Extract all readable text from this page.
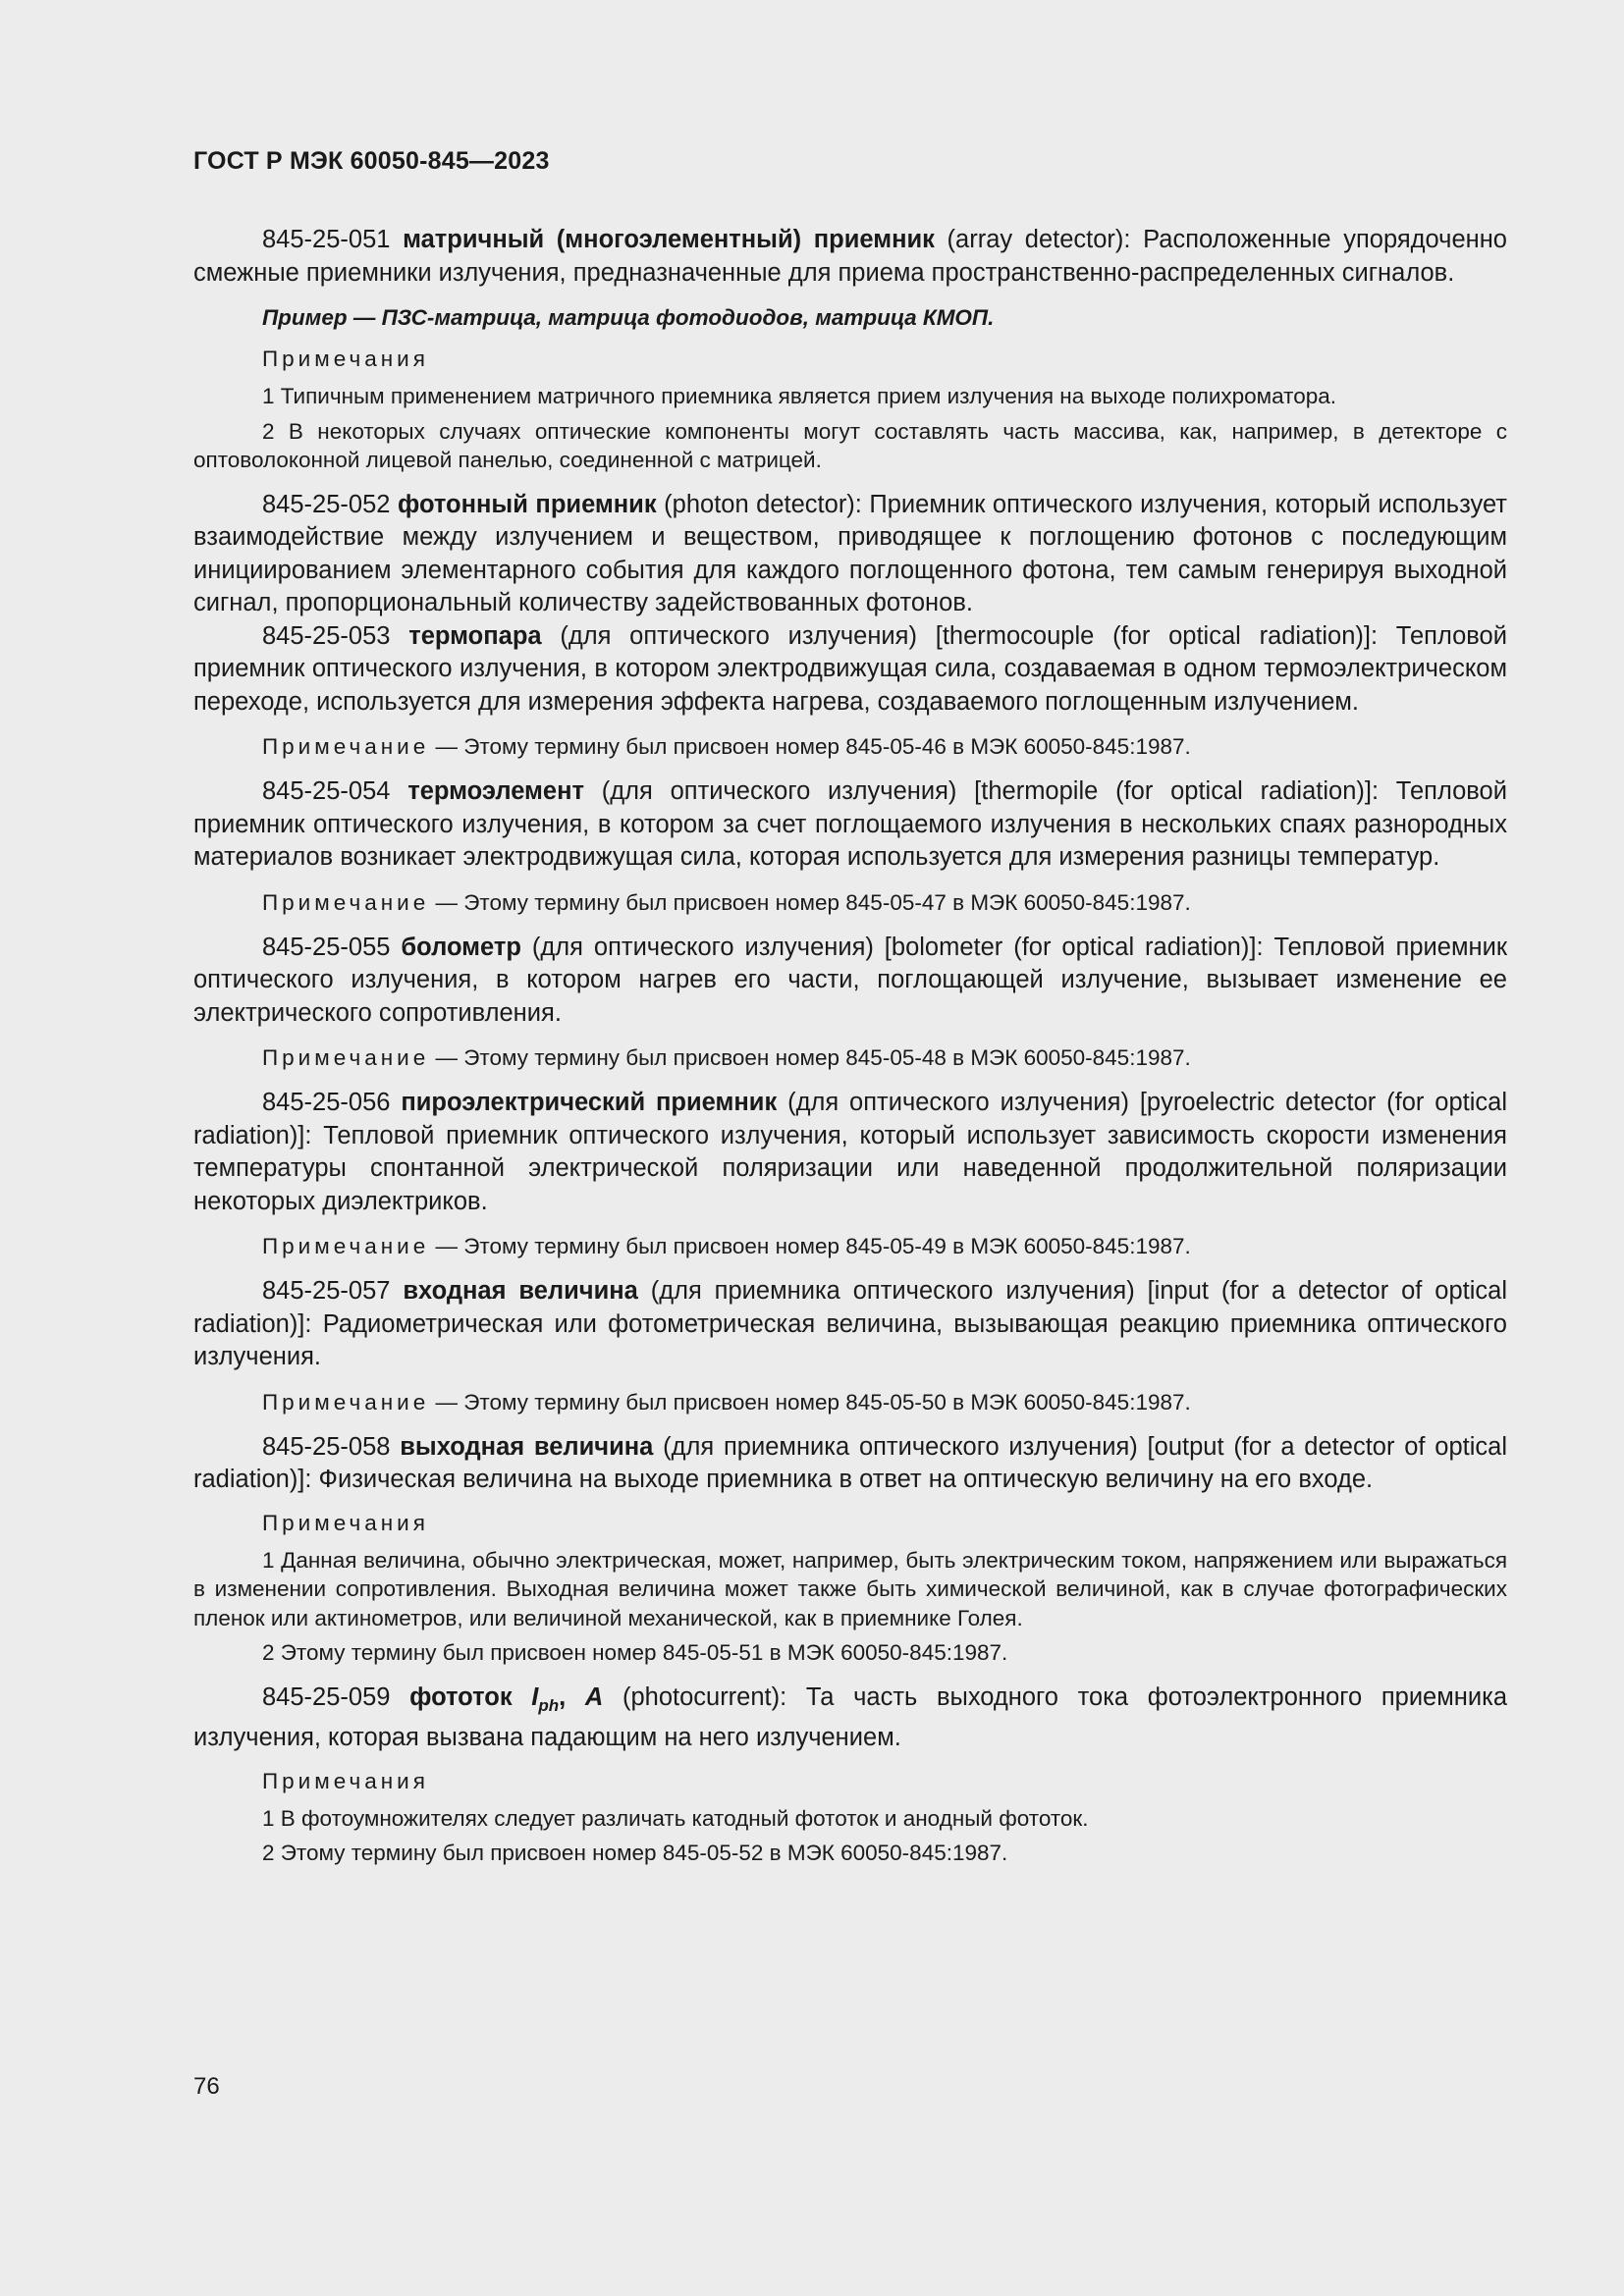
ГОСТ Р МЭК 60050-845—2023

845-25-051 матричный (многоэлементный) приемник (array detector): Расположенные упорядоченно смежные приемники излучения, предназначенные для приема пространственно-распределенных сигналов.

Пример — ПЗС-матрица, матрица фотодиодов, матрица КМОП.

Примечания

1 Типичным применением матричного приемника является прием излучения на выходе полихроматора.

2 В некоторых случаях оптические компоненты могут составлять часть массива, как, например, в детекторе с оптоволоконной лицевой панелью, соединенной с матрицей.

845-25-052 фотонный приемник (photon detector): Приемник оптического излучения, который использует взаимодействие между излучением и веществом, приводящее к поглощению фотонов с последующим инициированием элементарного события для каждого поглощенного фотона, тем самым генерируя выходной сигнал, пропорциональный количеству задействованных фотонов.

845-25-053 термопара (для оптического излучения) [thermocouple (for optical radiation)]: Тепловой приемник оптического излучения, в котором электродвижущая сила, создаваемая в одном термоэлектрическом переходе, используется для измерения эффекта нагрева, создаваемого поглощенным излучением.

Примечание — Этому термину был присвоен номер 845-05-46 в МЭК 60050-845:1987.

845-25-054 термоэлемент (для оптического излучения) [thermopile (for optical radiation)]: Тепловой приемник оптического излучения, в котором за счет поглощаемого излучения в нескольких спаях разнородных материалов возникает электродвижущая сила, которая используется для измерения разницы температур.

Примечание — Этому термину был присвоен номер 845-05-47 в МЭК 60050-845:1987.

845-25-055 болометр (для оптического излучения) [bolometer (for optical radiation)]: Тепловой приемник оптического излучения, в котором нагрев его части, поглощающей излучение, вызывает изменение ее электрического сопротивления.

Примечание — Этому термину был присвоен номер 845-05-48 в МЭК 60050-845:1987.

845-25-056 пироэлектрический приемник (для оптического излучения) [pyroelectric detector (for optical radiation)]: Тепловой приемник оптического излучения, который использует зависимость скорости изменения температуры спонтанной электрической поляризации или наведенной продолжительной поляризации некоторых диэлектриков.

Примечание — Этому термину был присвоен номер 845-05-49 в МЭК 60050-845:1987.

845-25-057 входная величина (для приемника оптического излучения) [input (for a detector of optical radiation)]: Радиометрическая или фотометрическая величина, вызывающая реакцию приемника оптического излучения.

Примечание — Этому термину был присвоен номер 845-05-50 в МЭК 60050-845:1987.

845-25-058 выходная величина (для приемника оптического излучения) [output (for a detector of optical radiation)]: Физическая величина на выходе приемника в ответ на оптическую величину на его входе.

Примечания

1 Данная величина, обычно электрическая, может, например, быть электрическим током, напряжением или выражаться в изменении сопротивления. Выходная величина может также быть химической величиной, как в случае фотографических пленок или актинометров, или величиной механической, как в приемнике Голея.

2 Этому термину был присвоен номер 845-05-51 в МЭК 60050-845:1987.

845-25-059 фототок $I_{ph}$, A (photocurrent): Та часть выходного тока фотоэлектронного приемника излучения, которая вызвана падающим на него излучением.

Примечания

1 В фотоумножителях следует различать катодный фототок и анодный фототок.

2 Этому термину был присвоен номер 845-05-52 в МЭК 60050-845:1987.

76
